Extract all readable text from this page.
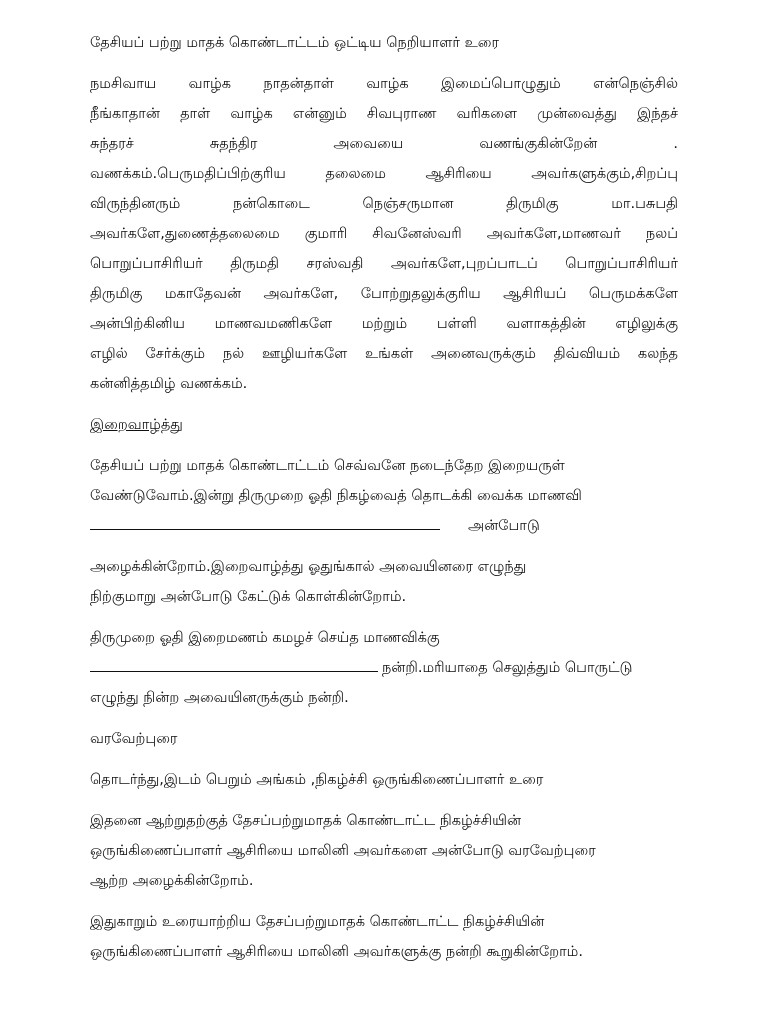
தேசியப் பற்று மாதக் கொண்டாட்டம் ஒட்டிய நெறியாளர் உரை

நமசிவாய வாழ்க நாதன்தாள் வாழ்க இமைப்பொழுதும் என்நெஞ்சில்
நீங்காதான் தாள் வாழ்க என்னும் சிவபுராண வரிகளை முன்வைத்து இந்தச்
சுந்தரச் சுதந்திர அவையை வணங்குகின்றேன் .
வணக்கம்.பெருமதிப்பிற்குரிய தலைமை ஆசிரியை அவர்களுக்கும்,சிறப்பு
விருந்தினரும் நன்கொடை நெஞ்சருமான திருமிகு மா.பசுபதி
அவர்களே,துணைத்தலைமை குமாரி சிவனேஸ்வரி அவர்களே,மாணவர் நலப்
பொறுப்பாசிரியர் திருமதி சரஸ்வதி அவர்களே,புறப்பாடப் பொறுப்பாசிரியர்
திருமிகு மகாதேவன் அவர்களே, போற்றுதலுக்குரிய ஆசிரியப் பெருமக்களே
அன்பிற்கினிய மாணவமணிகளே மற்றும் பள்ளி வளாகத்தின் எழிலுக்கு
எழில் சேர்க்கும் நல் ஊழியர்களே உங்கள் அனைவருக்கும் திவ்வியம் கலந்த
கன்னித்தமிழ் வணக்கம்.

இறைவாழ்த்து

தேசியப் பற்று மாதக் கொண்டாட்டம் செவ்வனே நடைந்தேற இறையருள்
வேண்டுவோம்.இன்று திருமுறை ஓதி நிகழ்வைத் தொடக்கி வைக்க மாணவி
அன்போடு

அழைக்கின்றோம்.இறைவாழ்த்து ஓதுங்கால் அவையினரை எழுந்து
நிற்குமாறு அன்போடு கேட்டுக் கொள்கின்றோம்.

திருமுறை ஓதி இறைமணம் கமழச் செய்த மாணவிக்கு
நன்றி.மரியாதை செலுத்தும் பொருட்டு
எழுந்து நின்ற அவையினருக்கும் நன்றி.

வரவேற்புரை

தொடர்ந்து,இடம் பெறும் அங்கம் ,நிகழ்ச்சி ஒருங்கிணைப்பாளர் உரை

இதனை ஆற்றுதற்குத் தேசப்பற்றுமாதக் கொண்டாட்ட நிகழ்ச்சியின்
ஒருங்கிணைப்பாளர் ஆசிரியை மாலினி அவர்களை அன்போடு வரவேற்புரை
ஆற்ற அழைக்கின்றோம்.

இதுகாறும் உரையாற்றிய தேசப்பற்றுமாதக் கொண்டாட்ட நிகழ்ச்சியின்
ஒருங்கிணைப்பாளர் ஆசிரியை மாலினி அவர்களுக்கு நன்றி கூறுகின்றோம்.
